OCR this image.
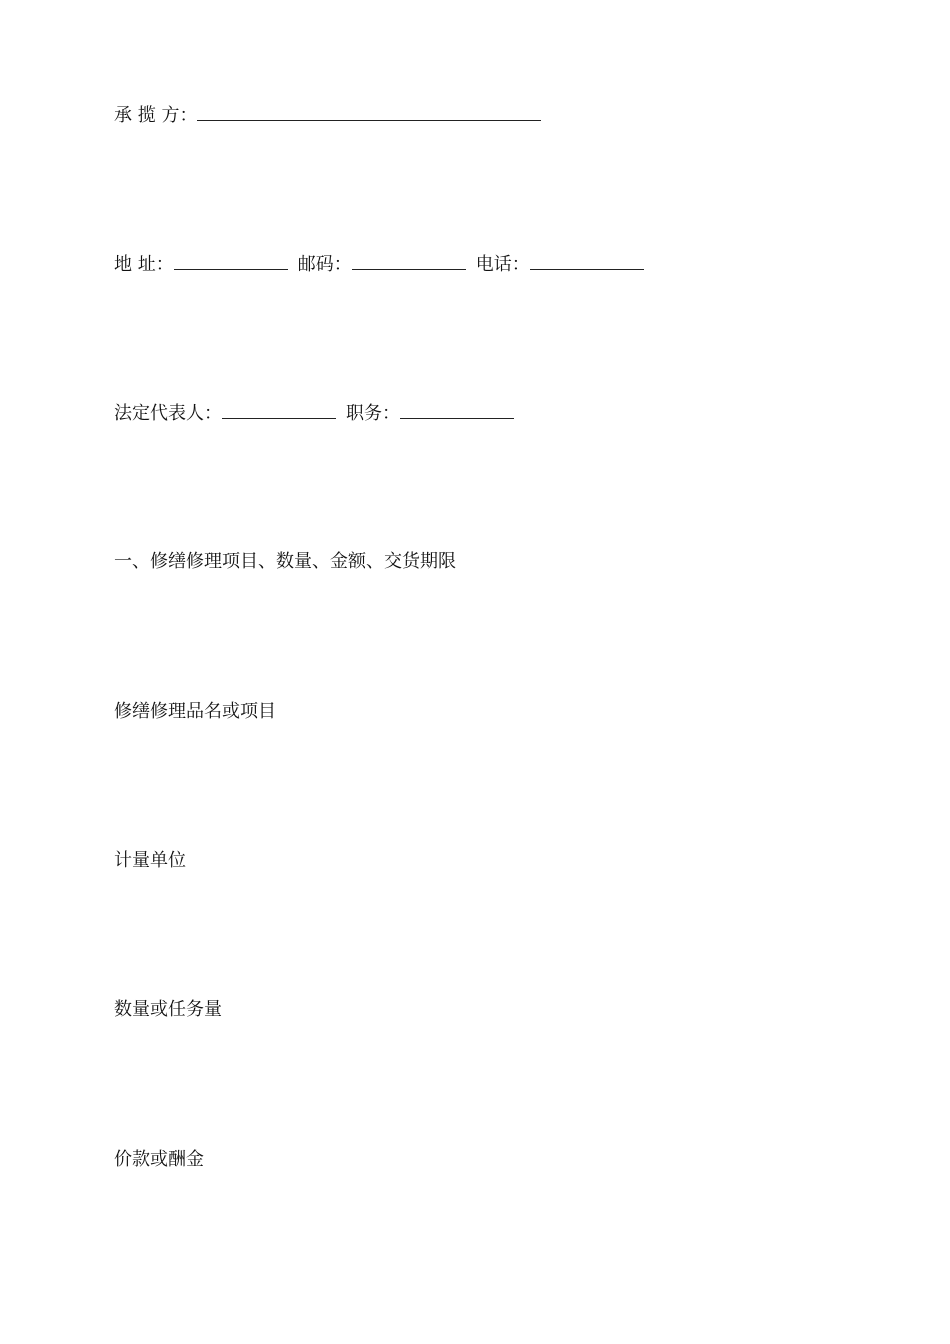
承 揽 方：
地 址：	邮码：	电话：
法定代表人：	职务：
一、修缮修理项目、数量、金额、交货期限
修缮修理品名或项目
计量单位
数量或任务量
价款或酬金
